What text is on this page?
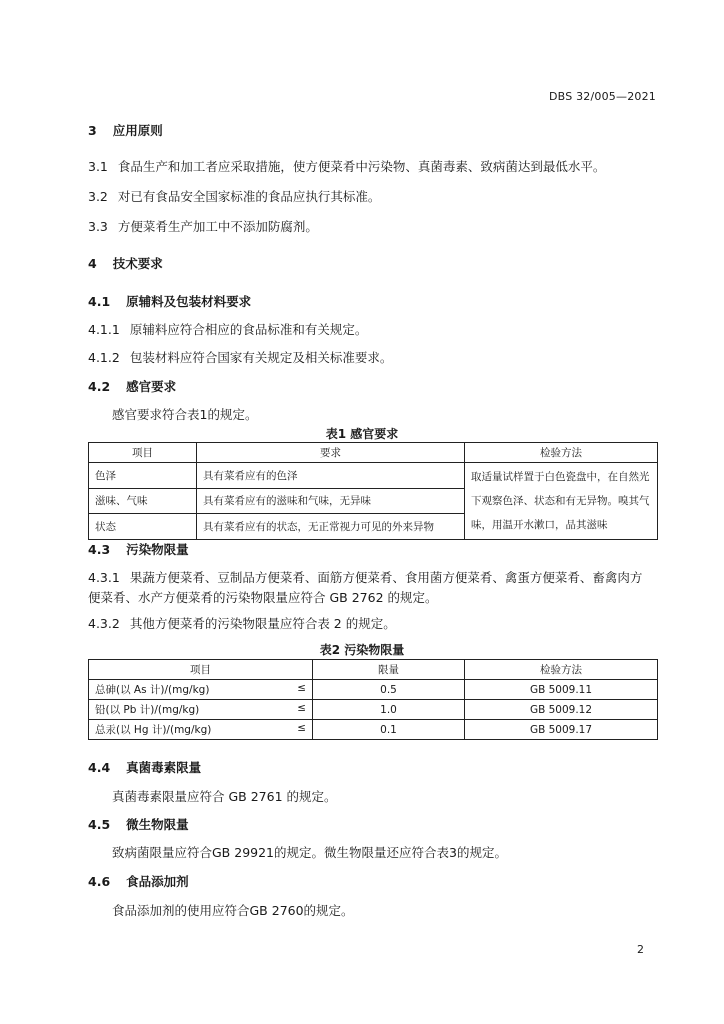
DBS 32/005—2021
3 应用原则
3.1 食品生产和加工者应采取措施，使方便菜肴中污染物、真菌毒素、致病菌达到最低水平。
3.2 对已有食品安全国家标准的食品应执行其标准。
3.3 方便菜肴生产加工中不添加防腐剂。
4 技术要求
4.1 原辅料及包装材料要求
4.1.1 原辅料应符合相应的食品标准和有关规定。
4.1.2 包装材料应符合国家有关规定及相关标准要求。
4.2 感官要求
感官要求符合表1的规定。
表1 感官要求
项目	要求	检验方法
色泽	具有菜肴应有的色泽	取适量试样置于白色瓷盘中，在自然光下观察色泽、状态和有无异物。嗅其气味，用温开水漱口，品其滋味
滋味、气味	具有菜肴应有的滋味和气味，无异味	
状态	具有菜肴应有的状态，无正常视力可见的外来异物	
4.3 污染物限量
4.3.1 果蔬方便菜肴、豆制品方便菜肴、面筋方便菜肴、食用菌方便菜肴、禽蛋方便菜肴、畜禽肉方
便菜肴、水产方便菜肴的污染物限量应符合 GB 2762 的规定。
4.3.2 其他方便菜肴的污染物限量应符合表 2 的规定。
表2 污染物限量
项目	限量	检验方法
总砷(以 As 计)/(mg/kg) ≤	0.5	GB 5009.11
铅(以 Pb 计)/(mg/kg) ≤	1.0	GB 5009.12
总汞(以 Hg 计)/(mg/kg) ≤	0.1	GB 5009.17
4.4 真菌毒素限量
真菌毒素限量应符合 GB 2761 的规定。
4.5 微生物限量
致病菌限量应符合GB 29921的规定。微生物限量还应符合表3的规定。
4.6 食品添加剂
食品添加剂的使用应符合GB 2760的规定。
2
